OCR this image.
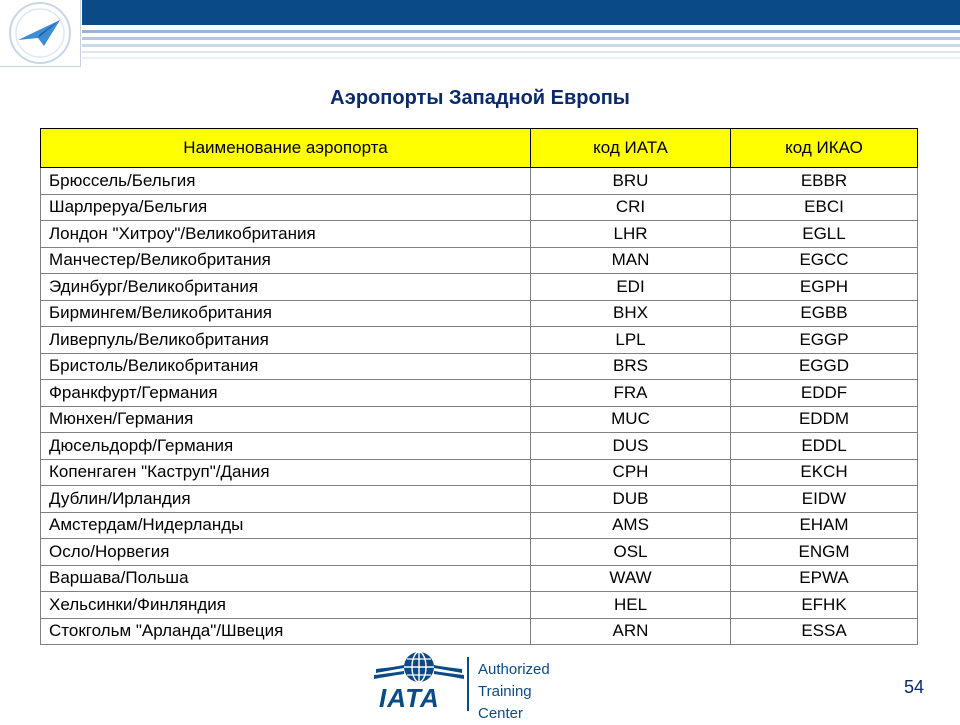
Аэропорты Западной Европы
Наименование аэропорта	код ИАТА	код ИКАО
Брюссель/Бельгия	BRU	EBBR
Шарлреруа/Бельгия	CRI	EBCI
Лондон "Хитроу"/Великобритания	LHR	EGLL
Манчестер/Великобритания	MAN	EGCC
Эдинбург/Великобритания	EDI	EGPH
Бирмингем/Великобритания	BHX	EGBB
Ливерпуль/Великобритания	LPL	EGGP
Бристоль/Великобритания	BRS	EGGD
Франкфурт/Германия	FRA	EDDF
Мюнхен/Германия	MUC	EDDM
Дюсельдорф/Германия	DUS	EDDL
Копенгаген "Каструп"/Дания	CPH	EKCH
Дублин/Ирландия	DUB	EIDW
Амстердам/Нидерланды	AMS	EHAM
Осло/Норвегия	OSL	ENGM
Варшава/Польша	WAW	EPWA
Хельсинки/Финляндия	HEL	EFHK
Стокгольм "Арланда"/Швеция	ARN	ESSA
IATA
Authorized
Training Center
54
